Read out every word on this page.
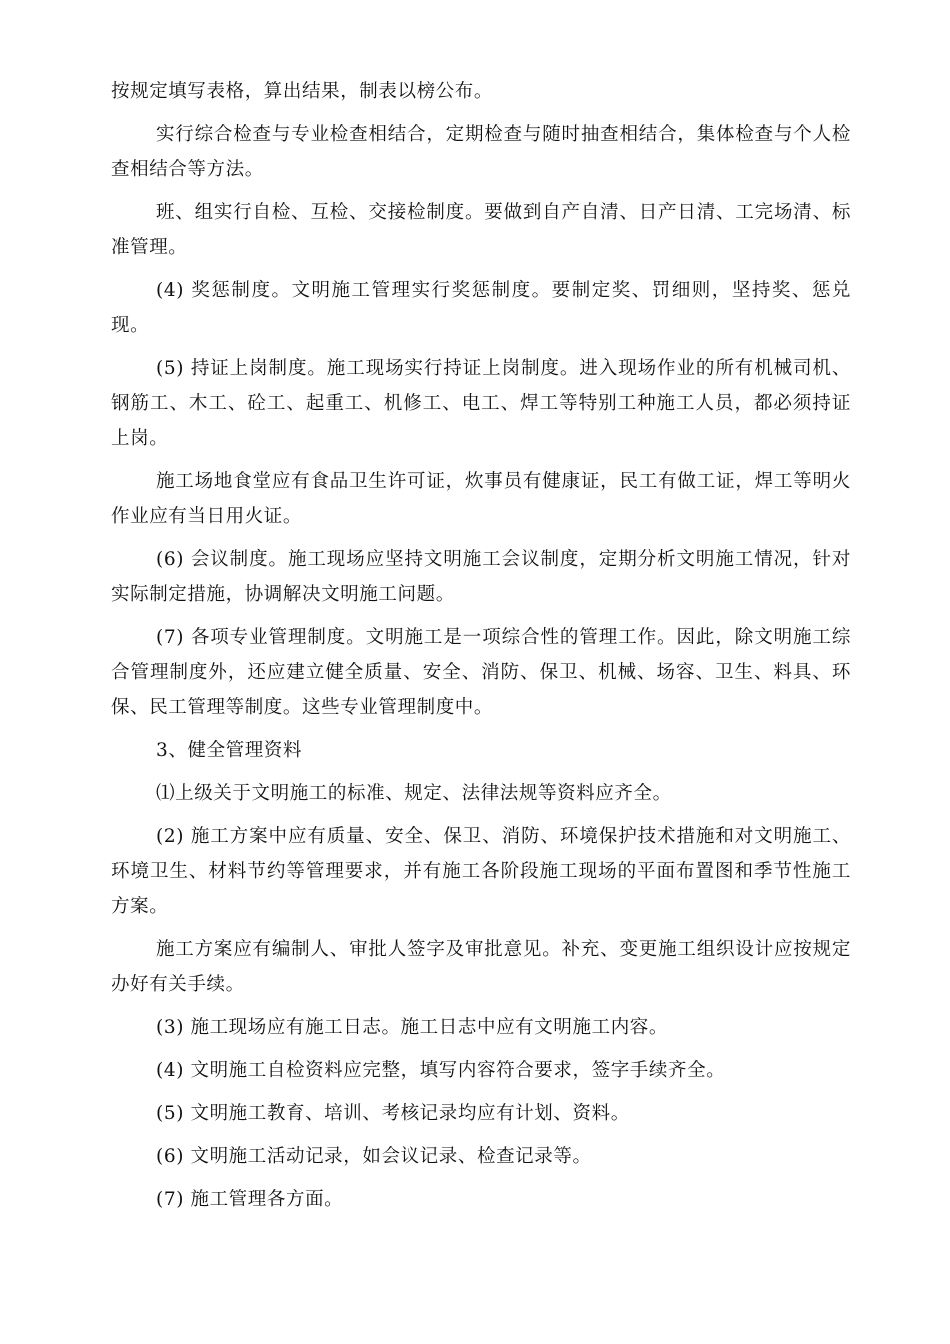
按规定填写表格，算出结果，制表以榜公布。

实行综合检查与专业检查相结合，定期检查与随时抽查相结合，集体检查与个人检查相结合等方法。

班、组实行自检、互检、交接检制度。要做到自产自清、日产日清、工完场清、标准管理。

(4) 奖惩制度。文明施工管理实行奖惩制度。要制定奖、罚细则，坚持奖、惩兑现。

(5) 持证上岗制度。施工现场实行持证上岗制度。进入现场作业的所有机械司机、钢筋工、木工、砼工、起重工、机修工、电工、焊工等特别工种施工人员，都必须持证上岗。

施工场地食堂应有食品卫生许可证，炊事员有健康证，民工有做工证，焊工等明火作业应有当日用火证。

(6) 会议制度。施工现场应坚持文明施工会议制度，定期分析文明施工情况，针对实际制定措施，协调解决文明施工问题。

(7) 各项专业管理制度。文明施工是一项综合性的管理工作。因此，除文明施工综合管理制度外，还应建立健全质量、安全、消防、保卫、机械、场容、卫生、料具、环保、民工管理等制度。这些专业管理制度中。

3、健全管理资料

⑴上级关于文明施工的标准、规定、法律法规等资料应齐全。

(2) 施工方案中应有质量、安全、保卫、消防、环境保护技术措施和对文明施工、环境卫生、材料节约等管理要求，并有施工各阶段施工现场的平面布置图和季节性施工方案。

施工方案应有编制人、审批人签字及审批意见。补充、变更施工组织设计应按规定办好有关手续。

(3) 施工现场应有施工日志。施工日志中应有文明施工内容。

(4) 文明施工自检资料应完整，填写内容符合要求，签字手续齐全。

(5) 文明施工教育、培训、考核记录均应有计划、资料。

(6) 文明施工活动记录，如会议记录、检查记录等。

(7) 施工管理各方面。
